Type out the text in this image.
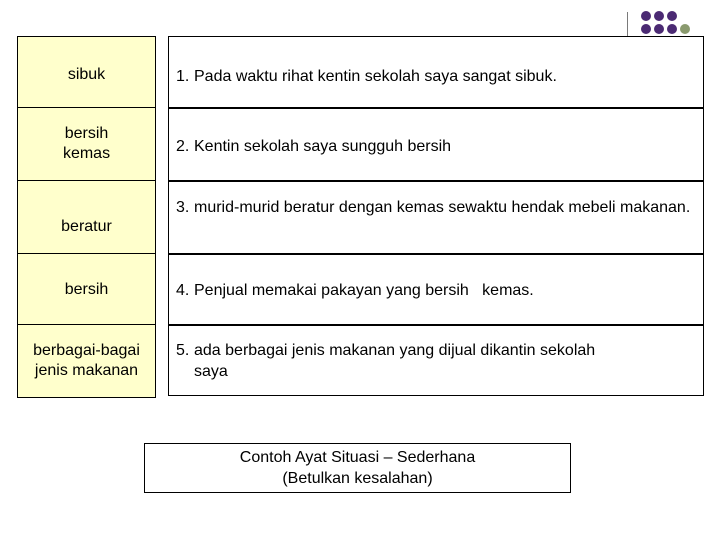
sibuk
bersih
kemas
beratur
bersih
berbagai-bagai
jenis makanan
1. Pada waktu rihat kentin sekolah saya sangat sibuk.
2. Kentin sekolah saya sungguh bersih
3. murid-murid beratur dengan kemas sewaktu hendak mebeli makanan.
4. Penjual memakai pakayan yang bersih   kemas.
5. ada berbagai jenis makanan yang dijual dikantin sekolah saya
Contoh Ayat Situasi – Sederhana
(Betulkan kesalahan)
